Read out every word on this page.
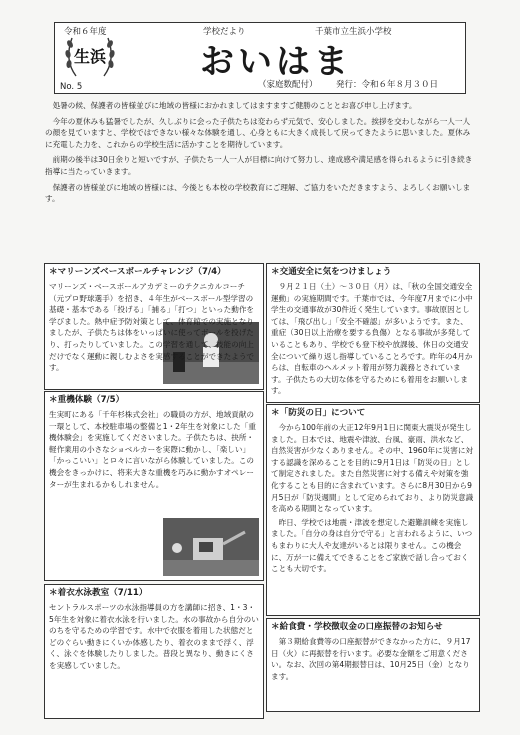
生浜
令和６年度	学校だより	千葉市立生浜小学校
No. 5
おいはま
（家庭数配付） 発行：令和６年８月３０日

処暑の候、保護者の皆様並びに地域の皆様におかれましてはますますご健勝のこととお喜び申し上げます。

今年の夏休みも猛暑でしたが、久しぶりに会った子供たちは変わらず元気で、安心しました。挨拶を交わしながら一人一人の顔を見ていますと、学校ではできない様々な体験を通し、心身ともに大きく成長して戻ってきたように思いました。夏休みに充電した力を、これからの学校生活に活かすことを期待しています。

前期の後半は30日余りと短いですが、子供たち一人一人が目標に向けて努力し、達成感や満足感を得られるように引き続き指導に当たっていきます。

保護者の皆様並びに地域の皆様には、今後とも本校の学校教育にご理解、ご協力をいただきますよう、よろしくお願いします。

＊マリーンズベースボールチャレンジ（7/4）
マリーンズ・ベースボールアカデミーのテクニカルコーチ（元プロ野球選手）を招き、４年生がベースボール型学習の基礎・基本である「投げる」「捕る」「打つ」といった動作を学びました。熱中症予防対策として、体育館での実施となりましたが、子供たちは体をいっぱいに使ってボールを投げたり、打ったりしていました。この学習を通して、技能の向上だけでなく運動に親しむよさを実感することができたようです。
＊重機体験（7/5）
生実町にある「千年杉株式会社」の職員の方が、地域貢献の一環として、本校駐車場の整備と1・2年生を対象にした「重機体験会」を実施してくださいました。子供たちは、抉所・軽作業用の小さなショベルカーを実際に動かし、「楽しい」「かっこいい」とロ々に言いながら体験していました。この機会をきっかけに、将来大きな重機を巧みに動かすオペレーターが生まれるかもしれません。
＊着衣水泳教室（7/11）
セントラルスポーツの水泳指導員の方を講師に招き、1・3・5年生を対象に着衣水泳を行いました。水の事故から自分のいのちを守るための学習です。水中で衣服を着用した状態だとどのぐらい動きにくいか体感したり、着衣のままで浮く、浮く、泳ぐを体験したりしました。普段と異なり、動きにくさを実感していました。
＊交通安全に気をつけましょう
９月２１日（土）～３０日（月）は、「秋の全国交通安全運動」の実施期間です。千葉市では、今年度7月までに小中学生の交通事故が30件近く発生しています。事故原因としては、「飛び出し」「安全不確認」が多いようです。また、重症（30日以上治療を要する負傷）となる事故が多発していることもあり、学校でも登下校や放課後、休日の交通安全について繰り返し指導していることろです。昨年の4月からは、自転車のヘルメット着用が努力義務とされています。子供たちの大切な体を守るためにも着用をお願いします。
＊「防災の日」について

今から100年前の大正12年9月1日に関東大震災が発生しました。日本では、地震や津波、台風、豪雨、洪水など、自然災害が少なくありません。その中、1960年に災害に対する認識を深めることを目的に9月1日は「防災の日」として制定されました。また自然災害に対する備えや対策を強化することも目的に含まれています。さらに8月30日から9月5日が「防災週間」として定められており、より防災意識を高める期間となっています。

昨日、学校では地震・津波を想定した避難訓練を実施しました。「自分の身は自分で守る」と言われるように、いつもまわりに大人や友達がいるとは限りません。この機会に、万が一に備えてできることをご家族で話し合っておくことも大切です。

＊給食費・学校徴収金の口座振替のお知らせ
第３期給食費等の口座振替ができなかった方に、９月17日（火）に再振替を行います。必要な金額をご用意ください。なお、次回の第4期振替日は、10月25日（金）となります。
